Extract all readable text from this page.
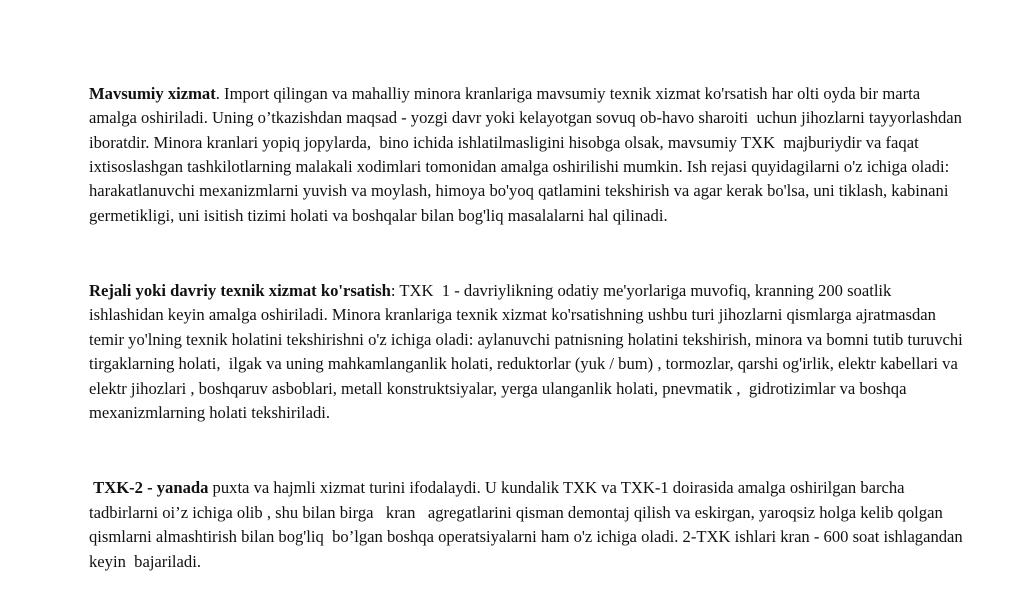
Mavsumiy xizmat. Import qilingan va mahalliy minora kranlariga mavsumiy texnik xizmat ko'rsatish har olti oyda bir marta amalga oshiriladi. Uning o’tkazishdan maqsad - yozgi davr yoki kelayotgan sovuq ob-havo sharoiti  uchun jihozlarni tayyorlashdan iboratdir. Minora kranlari yopiq jopylarda,  bino ichida ishlatilmasligini hisobga olsak, mavsumiy TXK  majburiydir va faqat ixtisoslashgan tashkilotlarning malakali xodimlari tomonidan amalga oshirilishi mumkin. Ish rejasi quyidagilarni o'z ichiga oladi: harakatlanuvchi mexanizmlarni yuvish va moylash, himoya bo'yoq qatlamini tekshirish va agar kerak bo'lsa, uni tiklash, kabinani  germetikligi, uni isitish tizimi holati va boshqalar bilan bog'liq masalalarni hal qilinadi.

Rejali yoki davriy texnik xizmat ko'rsatish: TXK  1 - davriylikning odatiy me'yorlariga muvofiq, kranning 200 soatlik ishlashidan keyin amalga oshiriladi. Minora kranlariga texnik xizmat ko'rsatishning ushbu turi jihozlarni qismlarga ajratmasdan    temir yo'lning texnik holatini tekshirishni o'z ichiga oladi: aylanuvchi patnisning holatini tekshirish, minora va bomni tutib turuvchi tirgaklarning holati,  ilgak va uning mahkamlanganlik holati, reduktorlar (yuk / bum) , tormozlar, qarshi og'irlik, elektr kabellari va elektr jihozlari , boshqaruv asboblari, metall konstruktsiyalar, yerga ulanganlik holati, pnevmatik ,  gidrotizimlar va boshqa mexanizmlarning holati tekshiriladi.

TXK-2 - yanada puxta va hajmli xizmat turini ifodalaydi. U kundalik TXK va TXK-1 doirasida amalga oshirilgan barcha tadbirlarni oi’z ichiga olib , shu bilan birga   kran   agregatlarini qisman demontaj qilish va eskirgan, yaroqsiz holga kelib qolgan  qismlarni almashtirish bilan bog'liq  bo’lgan boshqa operatsiyalarni ham o'z ichiga oladi. 2-TXK ishlari kran - 600 soat ishlagandan keyin  bajariladi.
